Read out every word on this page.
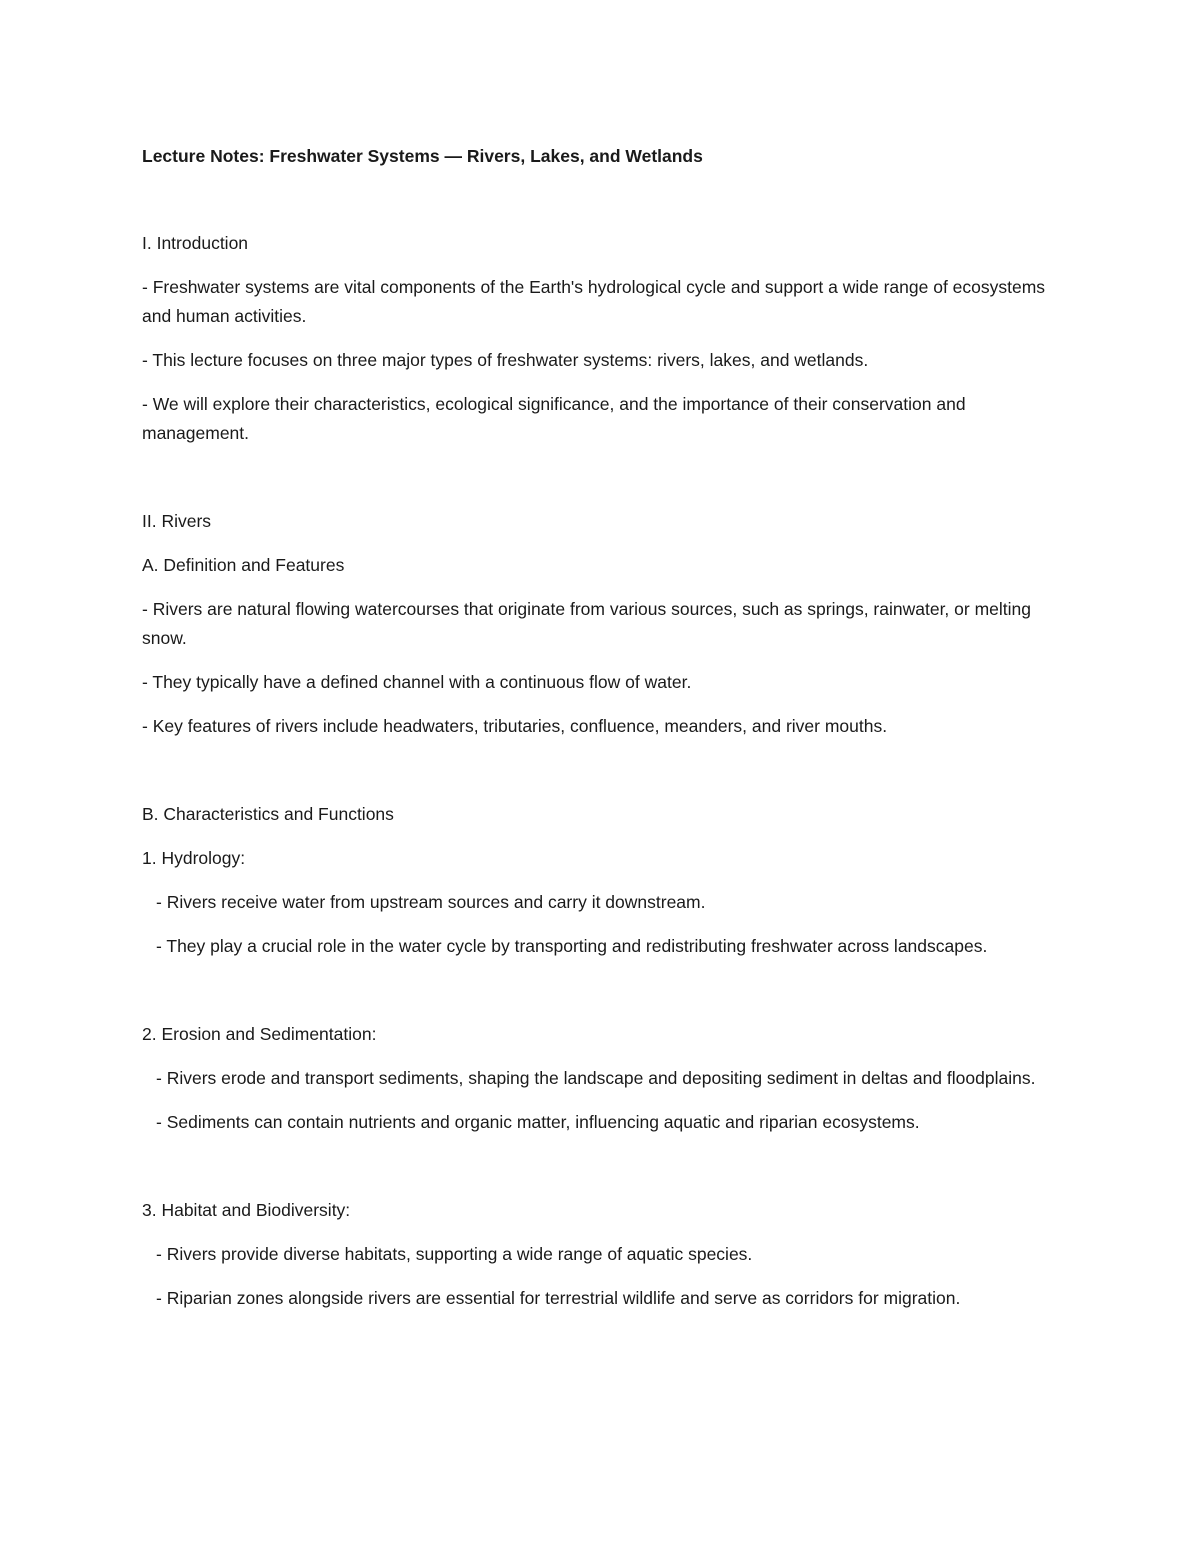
Lecture Notes: Freshwater Systems — Rivers, Lakes, and Wetlands

I. Introduction

- Freshwater systems are vital components of the Earth's hydrological cycle and support a wide range of ecosystems and human activities.

- This lecture focuses on three major types of freshwater systems: rivers, lakes, and wetlands.

- We will explore their characteristics, ecological significance, and the importance of their conservation and management.

II. Rivers

A. Definition and Features

- Rivers are natural flowing watercourses that originate from various sources, such as springs, rainwater, or melting snow.

- They typically have a defined channel with a continuous flow of water.

- Key features of rivers include headwaters, tributaries, confluence, meanders, and river mouths.

B. Characteristics and Functions

1. Hydrology:

- Rivers receive water from upstream sources and carry it downstream.

- They play a crucial role in the water cycle by transporting and redistributing freshwater across landscapes.

2. Erosion and Sedimentation:

- Rivers erode and transport sediments, shaping the landscape and depositing sediment in deltas and floodplains.

- Sediments can contain nutrients and organic matter, influencing aquatic and riparian ecosystems.

3. Habitat and Biodiversity:

- Rivers provide diverse habitats, supporting a wide range of aquatic species.

- Riparian zones alongside rivers are essential for terrestrial wildlife and serve as corridors for migration.
